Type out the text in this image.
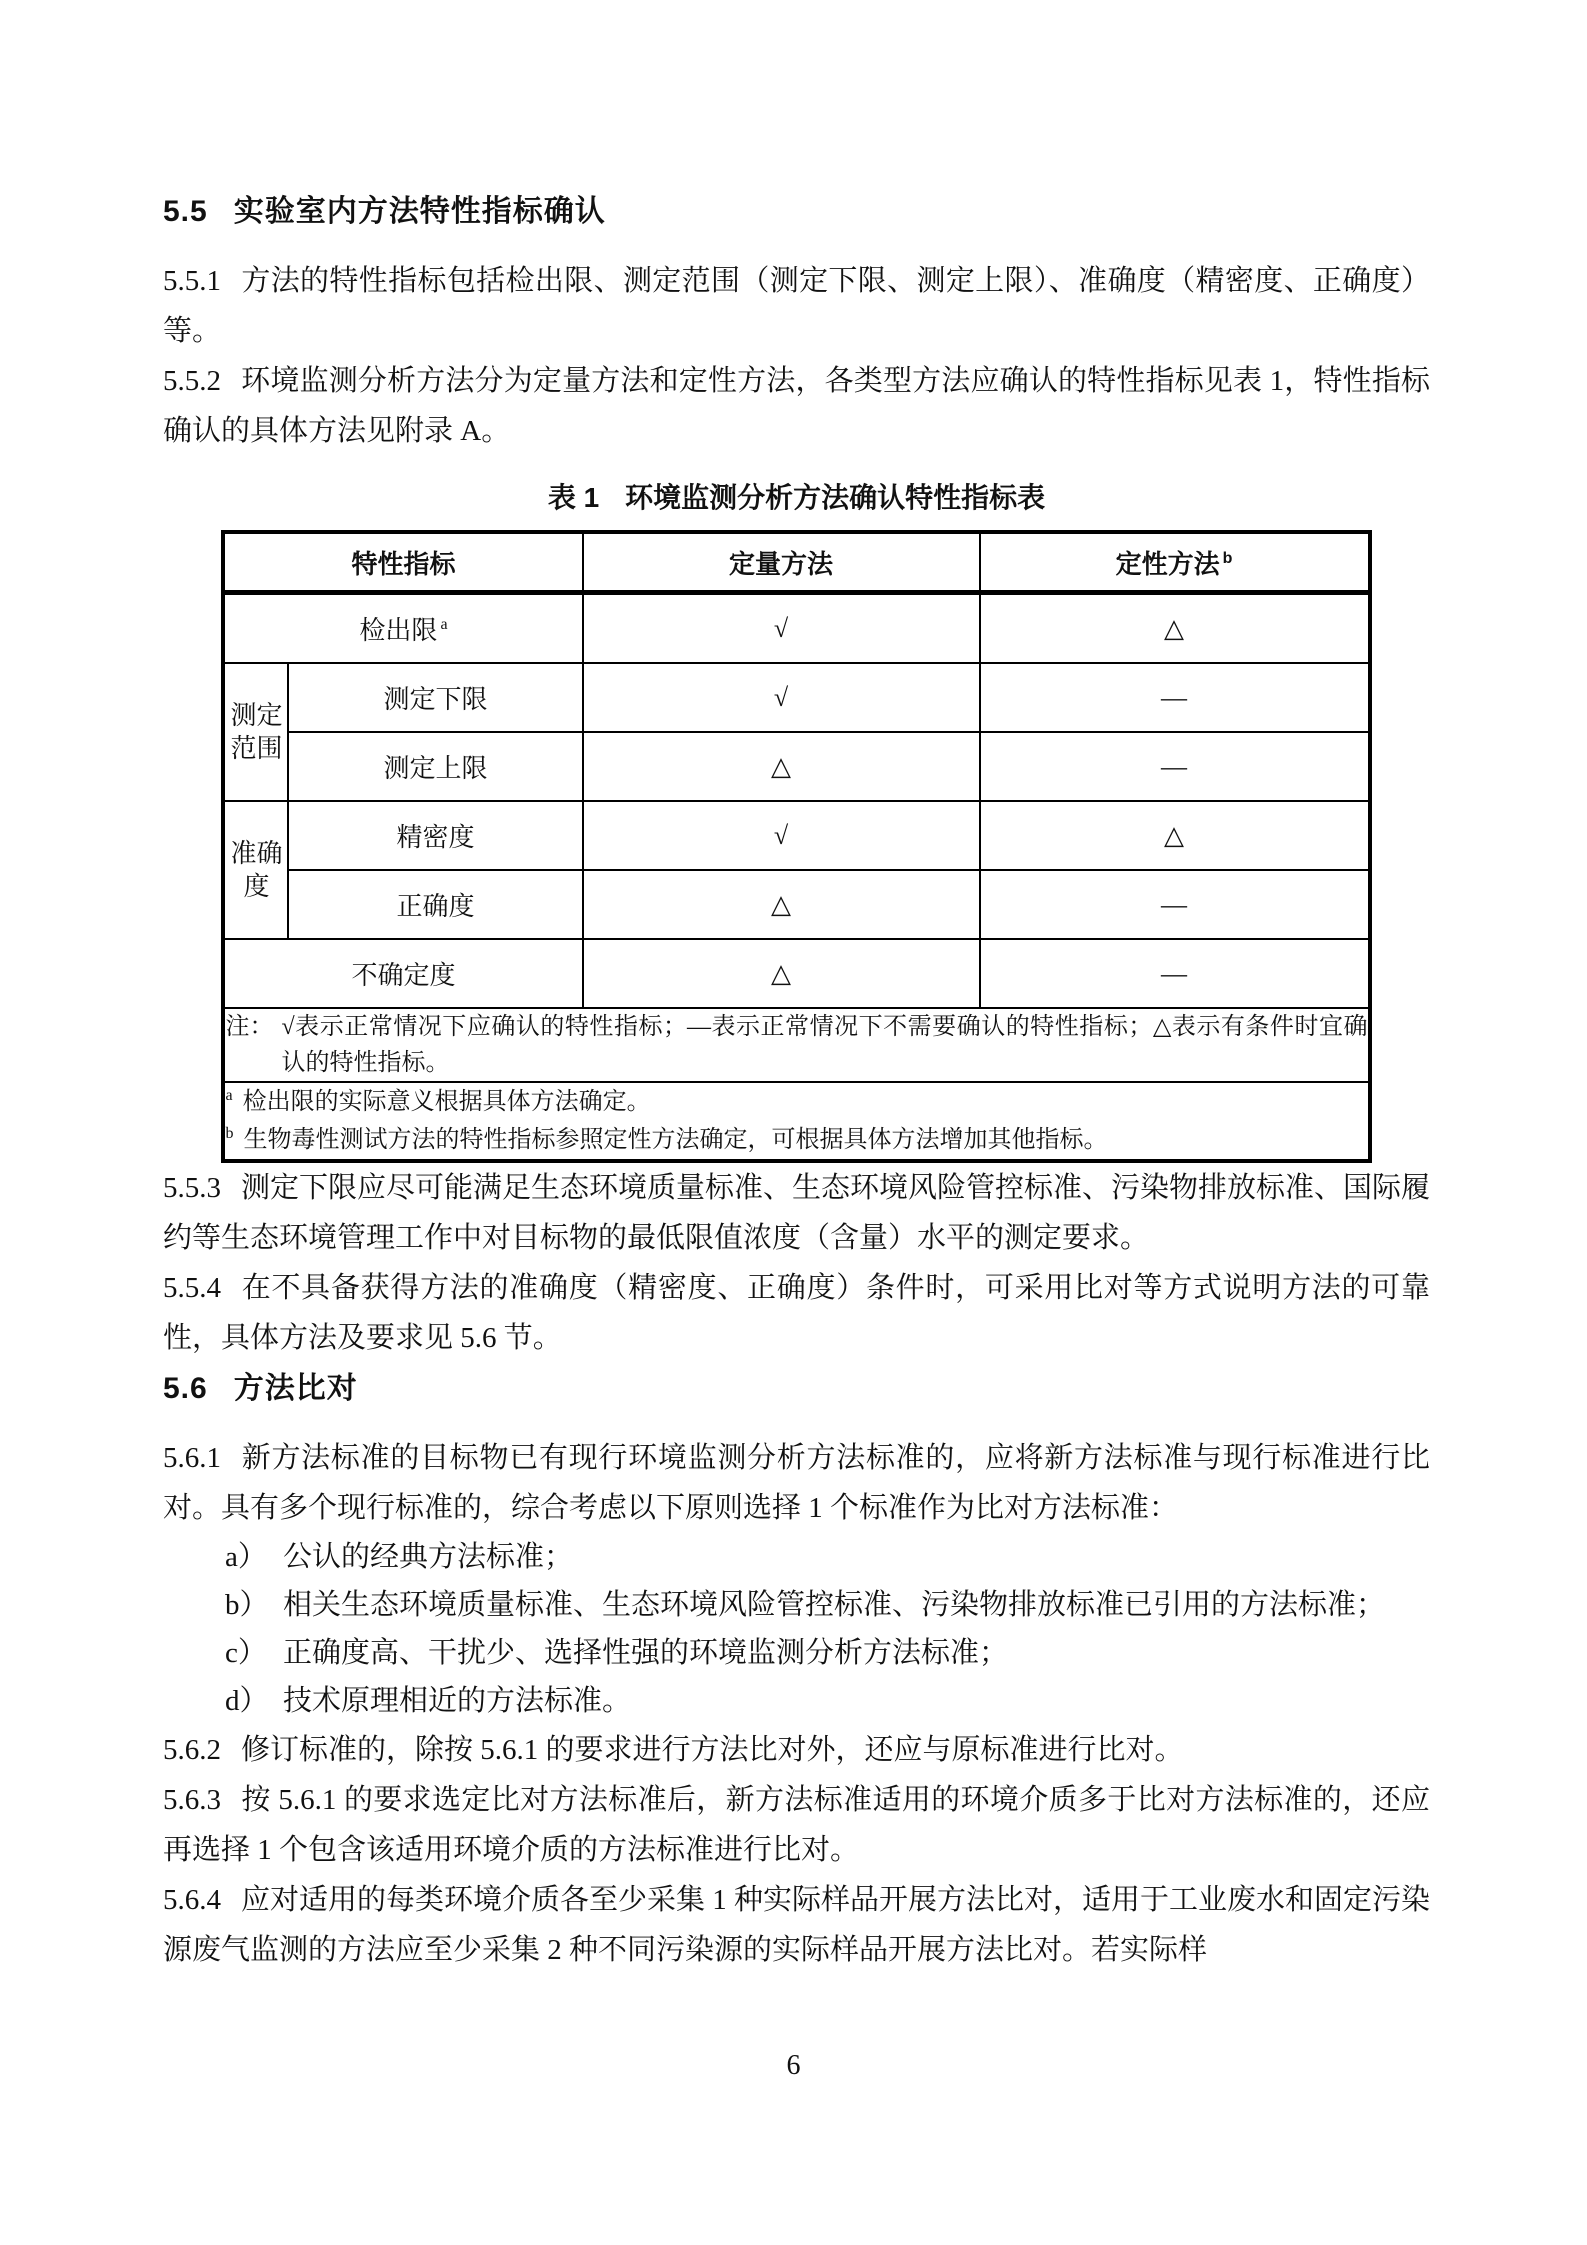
5.5 实验室内方法特性指标确认

5.5.1 方法的特性指标包括检出限、测定范围（测定下限、测定上限）、准确度（精密度、正确度）等。

5.5.2 环境监测分析方法分为定量方法和定性方法，各类型方法应确认的特性指标见表 1，特性指标确认的具体方法见附录 A。

表 1 环境监测分析方法确认特性指标表
特性指标		定量方法	定性方法 $^b$
检出限 $^a$		√	△
测定范围	测定下限	√	—
	测定上限	△	—
准确度	精密度	√	△
	正确度	△	—
不确定度		△	—

注： √表示正常情况下应确认的特性指标；—表示正常情况下不需要确认的特性指标；△表示有条件时宜确认的特性指标。			

$^a$ 检出限的实际意义根据具体方法确定。

$^b$ 生物毒性测试方法的特性指标参照定性方法确定，可根据具体方法增加其他指标。			

5.5.3 测定下限应尽可能满足生态环境质量标准、生态环境风险管控标准、污染物排放标准、国际履约等生态环境管理工作中对目标物的最低限值浓度（含量）水平的测定要求。

5.5.4 在不具备获得方法的准确度（精密度、正确度）条件时，可采用比对等方式说明方法的可靠性，具体方法及要求见 5.6 节。

5.6 方法比对

5.6.1 新方法标准的目标物已有现行环境监测分析方法标准的，应将新方法标准与现行标准进行比对。具有多个现行标准的，综合考虑以下原则选择 1 个标准作为比对方法标准：

a） 公认的经典方法标准；
b） 相关生态环境质量标准、生态环境风险管控标准、污染物排放标准已引用的方法标准；
c） 正确度高、干扰少、选择性强的环境监测分析方法标准；
d） 技术原理相近的方法标准。

5.6.2 修订标准的，除按 5.6.1 的要求进行方法比对外，还应与原标准进行比对。

5.6.3 按 5.6.1 的要求选定比对方法标准后，新方法标准适用的环境介质多于比对方法标准的，还应再选择 1 个包含该适用环境介质的方法标准进行比对。

5.6.4 应对适用的每类环境介质各至少采集 1 种实际样品开展方法比对，适用于工业废水和固定污染源废气监测的方法应至少采集 2 种不同污染源的实际样品开展方法比对。若实际样

6
